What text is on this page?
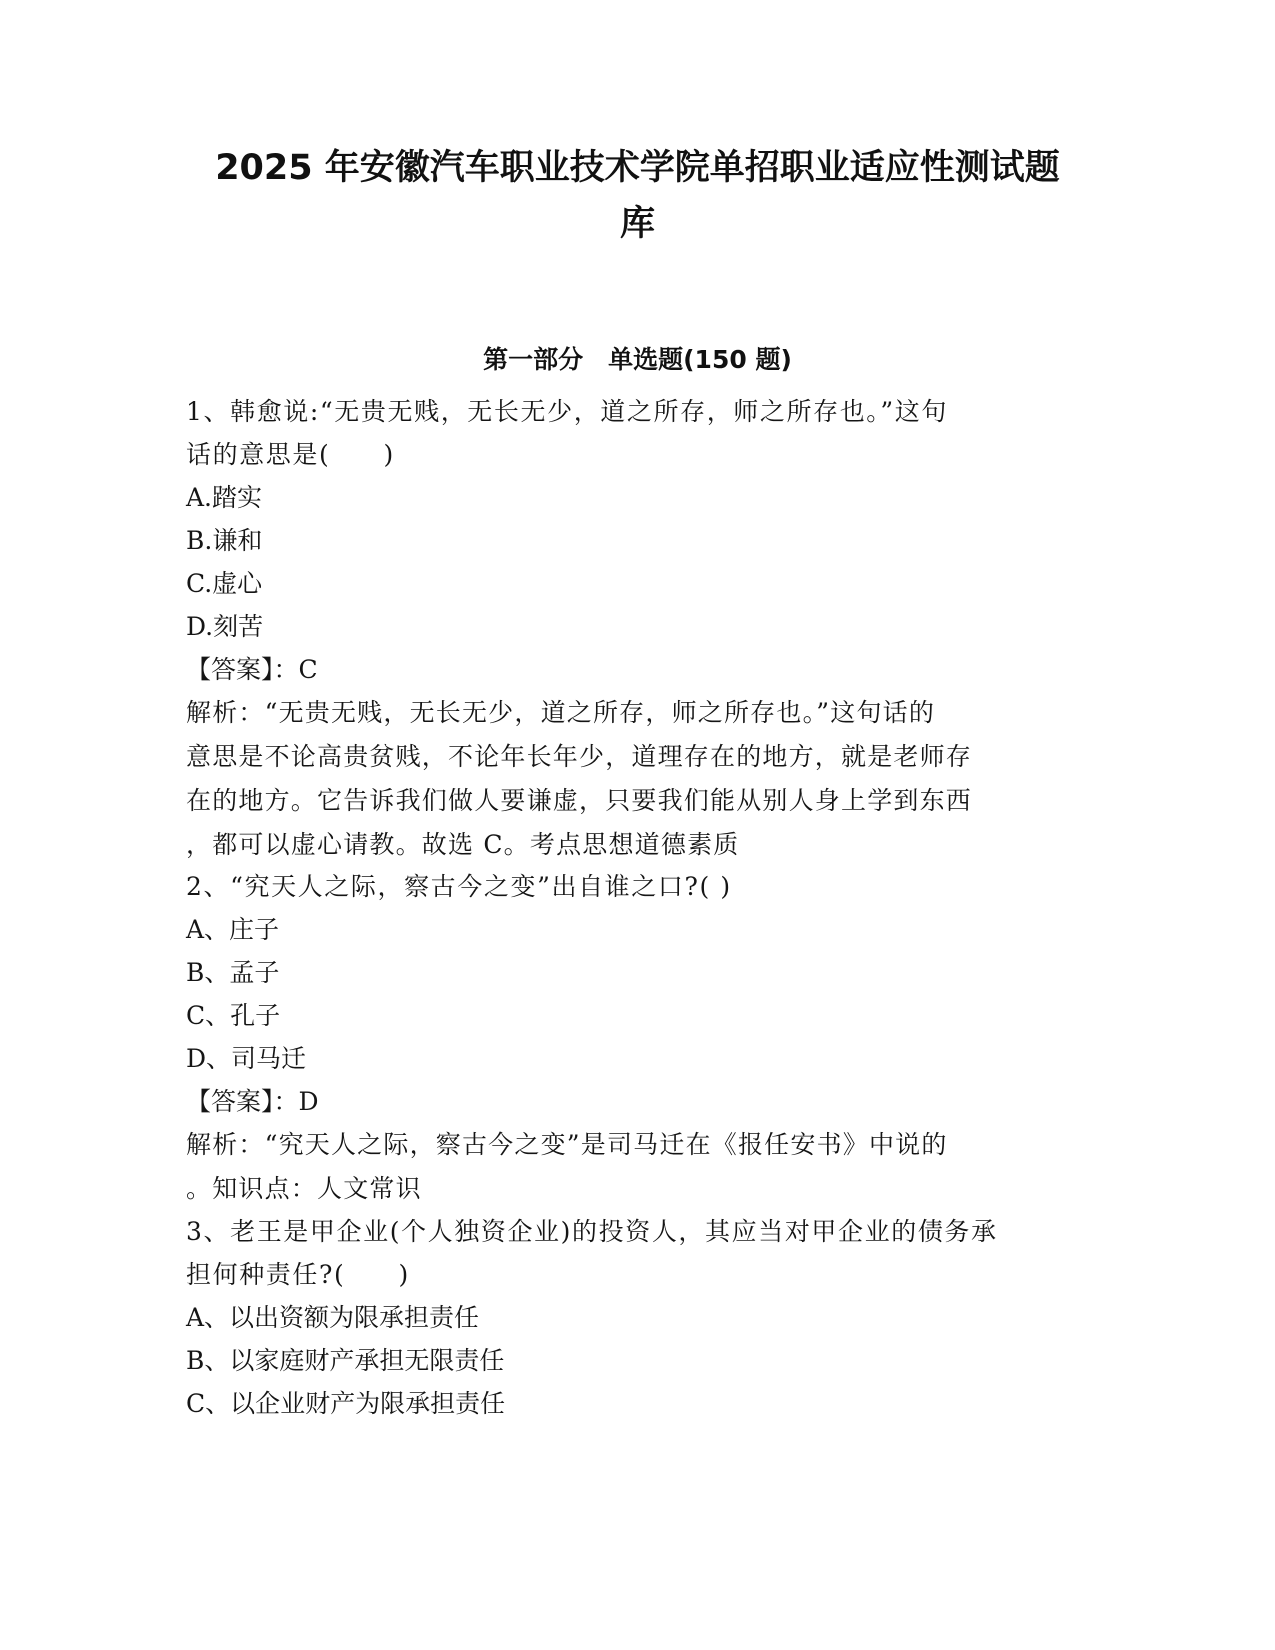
2025 年安徽汽车职业技术学院单招职业适应性测试题
库
第一部分　单选题(150 题)
1、韩愈说:“无贵无贱，无长无少，道之所存，师之所存也。”这句
话的意思是(　　)
A.踏实
B.谦和
C.虚心
D.刻苦
【答案】：C
解析：“无贵无贱，无长无少，道之所存，师之所存也。”这句话的
意思是不论高贵贫贱，不论年长年少，道理存在的地方，就是老师存
在的地方。它告诉我们做人要谦虚，只要我们能从别人身上学到东西
，都可以虚心请教。故选 C。考点思想道德素质
2、“究天人之际，察古今之变”出自谁之口?( )
A、庄子
B、孟子
C、孔子
D、司马迁
【答案】：D
解析：“究天人之际，察古今之变”是司马迁在《报任安书》中说的
。知识点：人文常识
3、老王是甲企业(个人独资企业)的投资人，其应当对甲企业的债务承
担何种责任?(　　)
A、以出资额为限承担责任
B、以家庭财产承担无限责任
C、以企业财产为限承担责任
